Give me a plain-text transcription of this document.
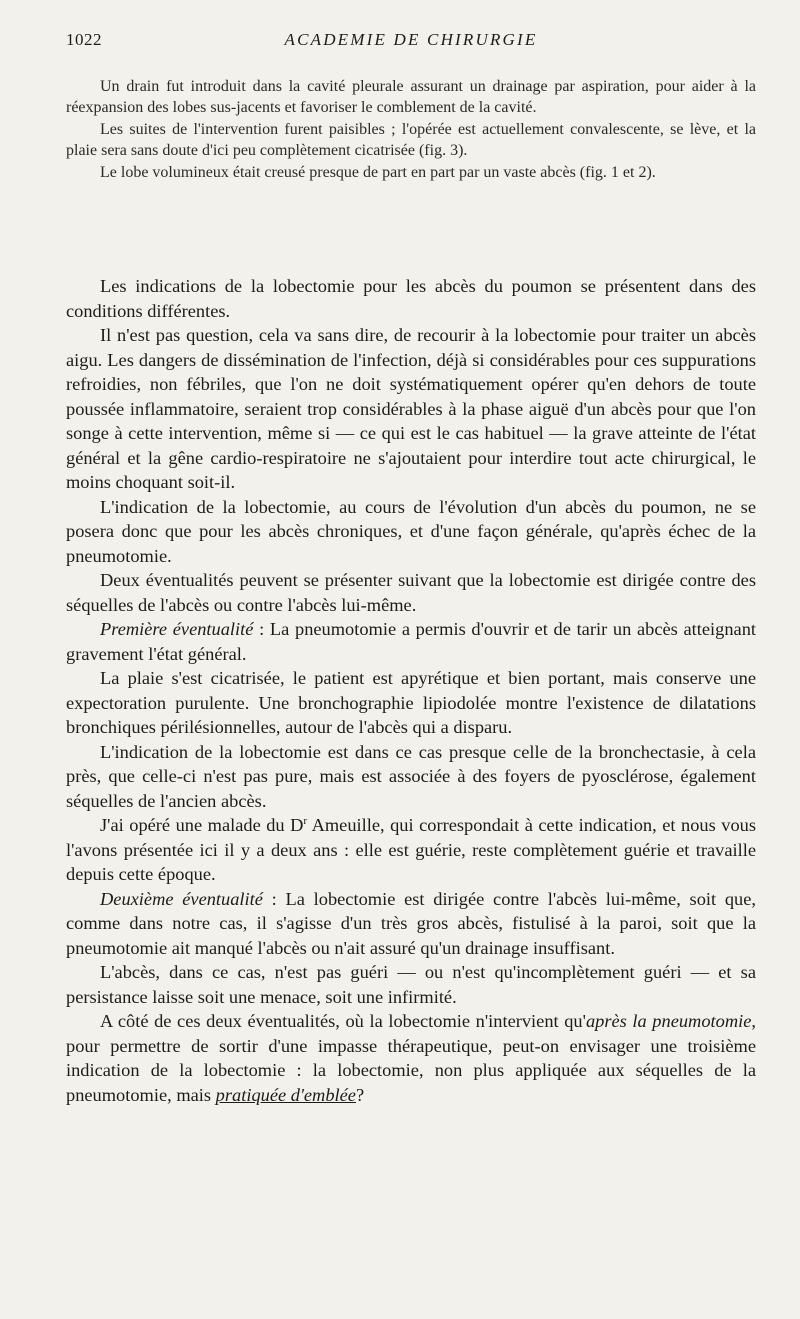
1022	ACADEMIE DE CHIRURGIE

Un drain fut introduit dans la cavité pleurale assurant un drainage par aspiration, pour aider à la réexpansion des lobes sus-jacents et favoriser le comblement de la cavité.

Les suites de l'intervention furent paisibles ; l'opérée est actuellement convalescente, se lève, et la plaie sera sans doute d'ici peu complètement cicatrisée (fig. 3).

Le lobe volumineux était creusé presque de part en part par un vaste abcès (fig. 1 et 2).

Les indications de la lobectomie pour les abcès du poumon se présentent dans des conditions différentes.

Il n'est pas question, cela va sans dire, de recourir à la lobectomie pour traiter un abcès aigu. Les dangers de dissémination de l'infection, déjà si considérables pour ces suppurations refroidies, non fébriles, que l'on ne doit systématiquement opérer qu'en dehors de toute poussée inflammatoire, seraient trop considérables à la phase aiguë d'un abcès pour que l'on songe à cette intervention, même si — ce qui est le cas habituel — la grave atteinte de l'état général et la gêne cardio-respiratoire ne s'ajoutaient pour interdire tout acte chirurgical, le moins choquant soit-il.

L'indication de la lobectomie, au cours de l'évolution d'un abcès du poumon, ne se posera donc que pour les abcès chroniques, et d'une façon générale, qu'après échec de la pneumotomie.

Deux éventualités peuvent se présenter suivant que la lobectomie est dirigée contre des séquelles de l'abcès ou contre l'abcès lui-même.

Première éventualité : La pneumotomie a permis d'ouvrir et de tarir un abcès atteignant gravement l'état général.

La plaie s'est cicatrisée, le patient est apyrétique et bien portant, mais conserve une expectoration purulente. Une bronchographie lipiodolée montre l'existence de dilatations bronchiques périlésionnelles, autour de l'abcès qui a disparu.

L'indication de la lobectomie est dans ce cas presque celle de la bronchectasie, à cela près, que celle-ci n'est pas pure, mais est associée à des foyers de pyosclérose, également séquelles de l'ancien abcès.

J'ai opéré une malade du $D^r$ Ameuille, qui correspondait à cette indication, et nous vous l'avons présentée ici il y a deux ans : elle est guérie, reste complètement guérie et travaille depuis cette époque.

Deuxième éventualité : La lobectomie est dirigée contre l'abcès lui-même, soit que, comme dans notre cas, il s'agisse d'un très gros abcès, fistulisé à la paroi, soit que la pneumotomie ait manqué l'abcès ou n'ait assuré qu'un drainage insuffisant.

L'abcès, dans ce cas, n'est pas guéri — ou n'est qu'incomplètement guéri — et sa persistance laisse soit une menace, soit une infirmité.

A côté de ces deux éventualités, où la lobectomie n'intervient qu'après la pneumotomie, pour permettre de sortir d'une impasse thérapeutique, peut-on envisager une troisième indication de la lobectomie : la lobectomie, non plus appliquée aux séquelles de la pneumotomie, mais pratiquée d'emblée?
